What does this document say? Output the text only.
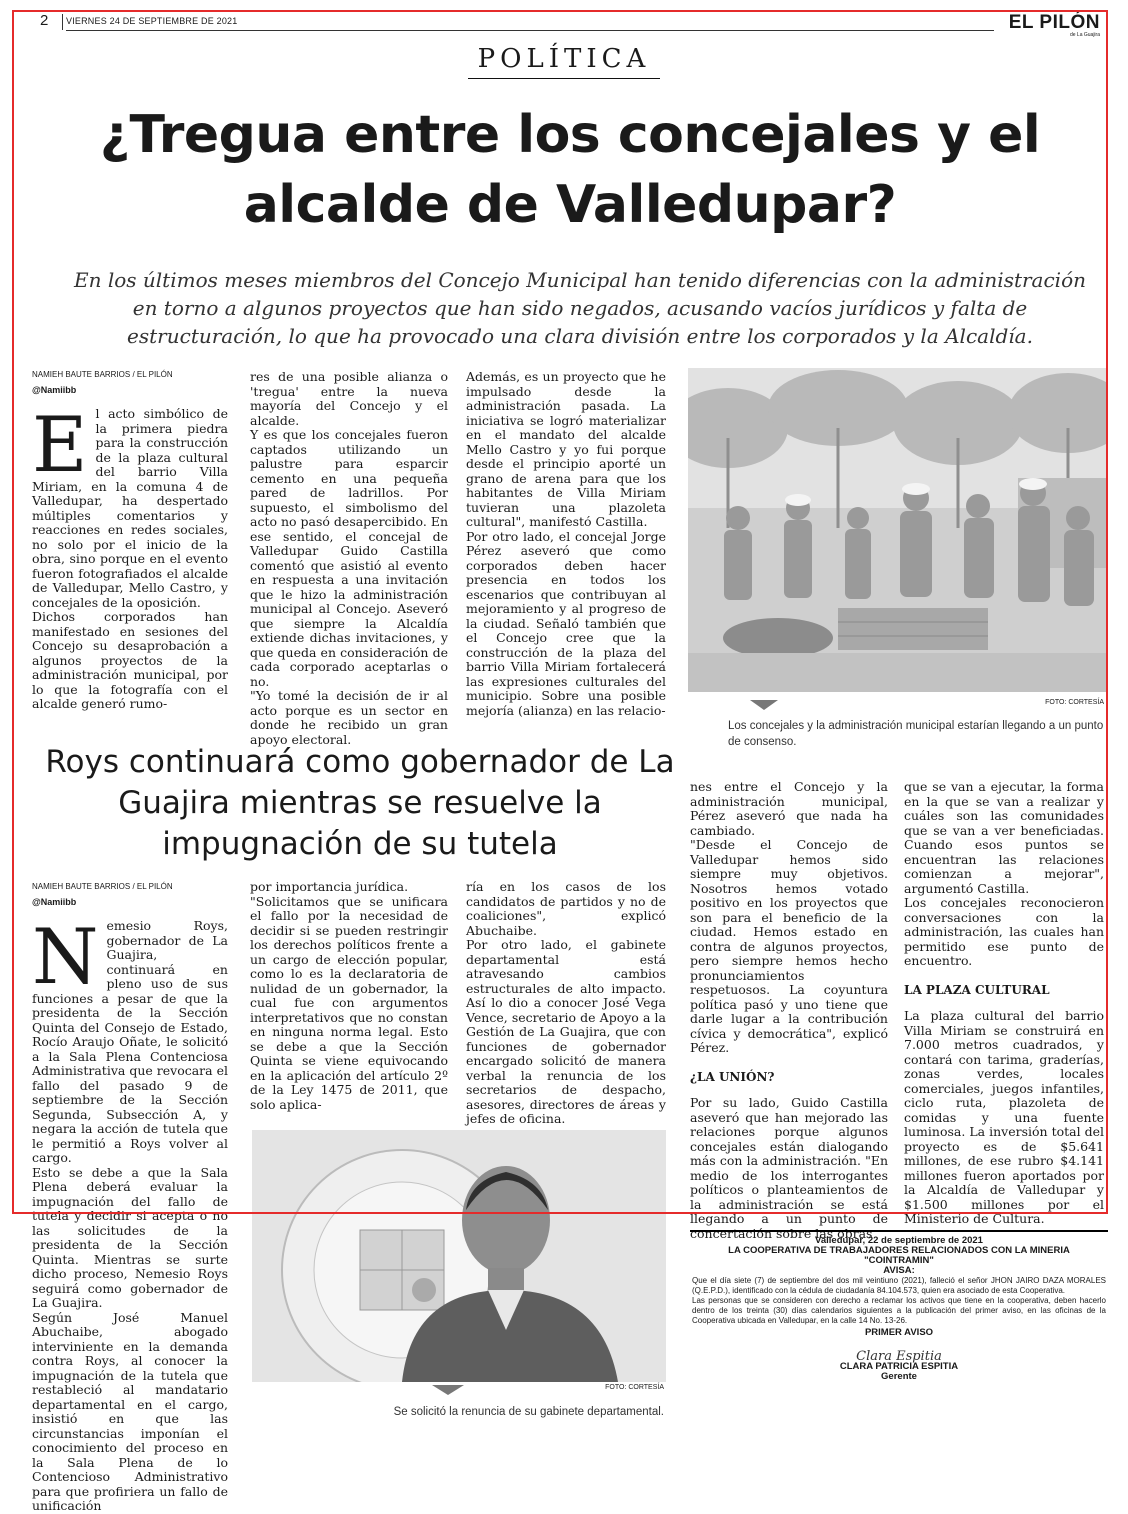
2 VIERNES 24 DE SEPTIEMBRE DE 2021	EL PILÓN
de La Guajira
POLÍTICA
¿Tregua entre los concejales y el alcalde de Valledupar?
En los últimos meses miembros del Concejo Municipal han tenido diferencias con la administración en torno a algunos proyectos que han sido negados, acusando vacíos jurídicos y falta de estructuración, lo que ha provocado una clara división entre los corporados y la Alcaldía.
NAMIEH BAUTE BARRIOS / EL PILÓN
@Namiibb

El acto simbólico de la primera piedra para la construcción de la plaza cultural del barrio Villa Miriam, en la comuna 4 de Valledupar, ha despertado múltiples comentarios y reacciones en redes sociales, no solo por el inicio de la obra, sino porque en el evento fueron fotografiados el alcalde de Valledupar, Mello Castro, y concejales de la oposición.

Dichos corporados han manifestado en sesiones del Concejo su desaprobación a algunos proyectos de la administración municipal, por lo que la fotografía con el alcalde generó rumo-

res de una posible alianza o 'tregua' entre la nueva mayoría del Concejo y el alcalde.

Y es que los concejales fueron captados utilizando un palustre para esparcir cemento en una pequeña pared de ladrillos. Por supuesto, el simbolismo del acto no pasó desapercibido. En ese sentido, el concejal de Valledupar Guido Castilla comentó que asistió al evento en respuesta a una invitación que le hizo la administración municipal al Concejo. Aseveró que siempre la Alcaldía extiende dichas invitaciones, y que queda en consideración de cada corporado aceptarlas o no.

"Yo tomé la decisión de ir al acto porque es un sector en donde he recibido un gran apoyo electoral.

Además, es un proyecto que he impulsado desde la administración pasada. La iniciativa se logró materializar en el mandato del alcalde Mello Castro y yo fui porque desde el principio aporté un grano de arena para que los habitantes de Villa Miriam tuvieran una plazoleta cultural", manifestó Castilla.

Por otro lado, el concejal Jorge Pérez aseveró que como corporados deben hacer presencia en todos los escenarios que contribuyan al mejoramiento y al progreso de la ciudad. Señaló también que el Concejo cree que la construcción de la plaza del barrio Villa Miriam fortalecerá las expresiones culturales del municipio. Sobre una posible mejoría (alianza) en las relacio-	FOTO: CORTESÍA
Los concejales y la administración municipal estarían llegando a un punto de consenso.
Roys continuará como gobernador de La Guajira mientras se resuelve la impugnación de su tutela

nes entre el Concejo y la administración municipal, Pérez aseveró que nada ha cambiado.

"Desde el Concejo de Valledupar hemos sido siempre muy objetivos. Nosotros hemos votado positivo en los proyectos que son para el beneficio de la ciudad. Hemos estado en contra de algunos proyectos, pero siempre hemos hecho pronunciamientos respetuosos. La coyuntura política pasó y uno tiene que darle lugar a la contribución cívica y democrática", explicó Pérez.

¿LA UNIÓN?

Por su lado, Guido Castilla aseveró que han mejorado las relaciones porque algunos concejales están dialogando más con la administración. "En medio de los interrogantes políticos o planteamientos de la administración se está llegando a un punto de concertación sobre las obras

que se van a ejecutar, la forma en la que se van a realizar y cuáles son las comunidades que se van a ver beneficiadas. Cuando esos puntos se encuentran las relaciones comienzan a mejorar", argumentó Castilla.

Los concejales reconocieron conversaciones con la administración, las cuales han permitido ese punto de encuentro.

LA PLAZA CULTURAL

La plaza cultural del barrio Villa Miriam se construirá en 7.000 metros cuadrados, y contará con tarima, graderías, zonas verdes, locales comerciales, juegos infantiles, ciclo ruta, plazoleta de comidas y una fuente luminosa. La inversión total del proyecto es de $5.641 millones, de ese rubro $4.141 millones fueron aportados por la Alcaldía de Valledupar y $1.500 millones por el Ministerio de Cultura.

NAMIEH BAUTE BARRIOS / EL PILÓN
@Namiibb

Nemesio Roys, gobernador de La Guajira, continuará en pleno uso de sus funciones a pesar de que la presidenta de la Sección Quinta del Consejo de Estado, Rocío Araujo Oñate, le solicitó a la Sala Plena Contenciosa Administrativa que revocara el fallo del pasado 9 de septiembre de la Sección Segunda, Subsección A, y negara la acción de tutela que le permitió a Roys volver al cargo.

Esto se debe a que la Sala Plena deberá evaluar la impugnación del fallo de tutela y decidir si acepta o no las solicitudes de la presidenta de la Sección Quinta. Mientras se surte dicho proceso, Nemesio Roys seguirá como gobernador de La Guajira.

Según José Manuel Abuchaibe, abogado interviniente en la demanda contra Roys, al conocer la impugnación de la tutela que restableció al mandatario departamental en el cargo, insistió en que las circunstancias imponían el conocimiento del proceso en la Sala Plena de lo Contencioso Administrativo para que profiriera un fallo de unificación

por importancia jurídica.

"Solicitamos que se unificara el fallo por la necesidad de decidir si se pueden restringir los derechos políticos frente a un cargo de elección popular, como lo es la declaratoria de nulidad de un gobernador, la cual fue con argumentos interpretativos que no constan en ninguna norma legal. Esto se debe a que la Sección Quinta se viene equivocando en la aplicación del artículo 2º de la Ley 1475 de 2011, que solo aplica-

ría en los casos de los candidatos de partidos y no de coaliciones", explicó Abuchaibe.

Por otro lado, el gabinete departamental está atravesando cambios estructurales de alto impacto. Así lo dio a conocer José Vega Vence, secretario de Apoyo a la Gestión de La Guajira, que con funciones de gobernador encargado solicitó de manera verbal la renuncia de los secretarios de despacho, asesores, directores de áreas y jefes de oficina.

FOTO: CORTESÍA
Se solicitó la renuncia de su gabinete departamental.
Valledupar, 22 de septiembre de 2021
LA COOPERATIVA DE TRABAJADORES RELACIONADOS CON LA MINERIA
"COINTRAMIN"
AVISA:
Que el día siete (7) de septiembre del dos mil veintiuno (2021), falleció el señor JHON JAIRO DAZA MORALES (Q.E.P.D.), identificado con la cédula de ciudadanía 84.104.573, quien era asociado de esta Cooperativa.
Las personas que se consideren con derecho a reclamar los activos que tiene en la cooperativa, deben hacerlo dentro de los treinta (30) días calendarios siguientes a la publicación del primer aviso, en las oficinas de la Cooperativa ubicada en Valledupar, en la calle 14 No. 13-26.
PRIMER AVISO
Clara Espitia
CLARA PATRICIA ESPITIA
Gerente
